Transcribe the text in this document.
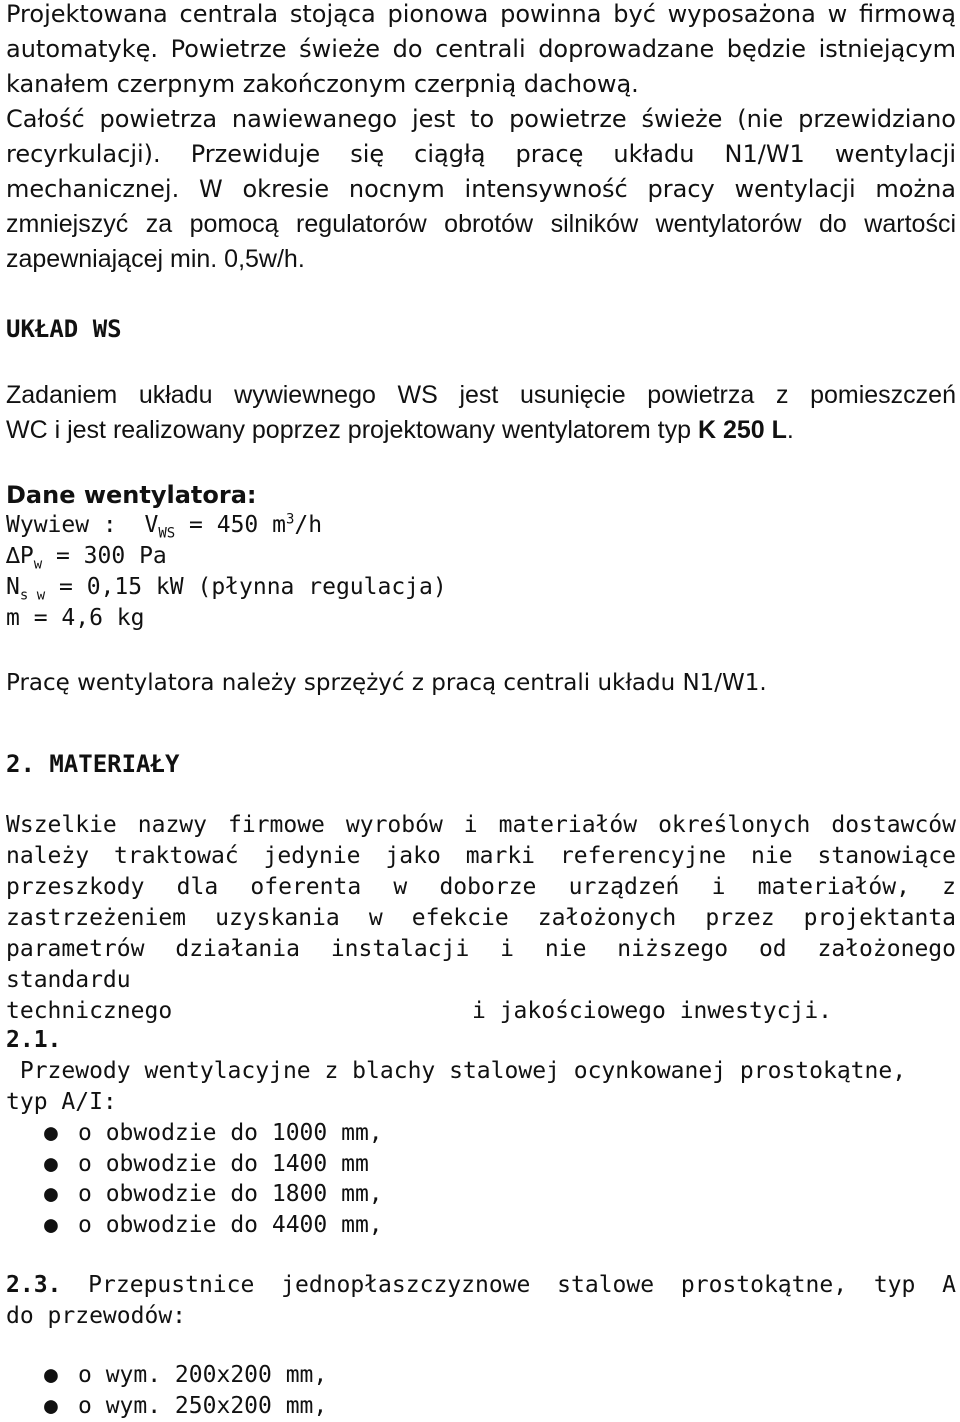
Projektowana centrala stojąca pionowa powinna być wyposażona w firmową
automatykę. Powietrze świeże do centrali doprowadzane będzie istniejącym
kanałem czerpnym zakończonym czerpnią dachową.
Całość powietrza nawiewanego jest to powietrze świeże (nie przewidziano
recyrkulacji). Przewiduje się ciągłą pracę układu N1/W1 wentylacji
mechanicznej. W okresie nocnym intensywność pracy wentylacji można
zmniejszyć za pomocą regulatorów obrotów silników wentylatorów do wartości
zapewniającej min. 0,5w/h.
UKŁAD WS
Zadaniem układu wywiewnego WS jest usunięcie powietrza z pomieszczeń
WC i jest realizowany poprzez projektowany wentylatorem typ K 250 L.
Dane wentylatora:
Wywiew :  $V_{WS} = 450$ $m^3/h$
$\Delta P_w = 300$ Pa
$N_{s w} = 0,15$ kW (płynna regulacja)
m = 4,6 kg
Pracę wentylatora należy sprzężyć z pracą centrali układu N1/W1.
2. MATERIAŁY
Wszelkie nazwy firmowe wyrobów i materiałów określonych dostawców
należy traktować jedynie jako marki referencyjne nie stanowiące
przeszkody dla oferenta w doborze urządzeń i materiałów, z
zastrzeżeniem uzyskania w efekcie założonych przez projektanta
parametrów działania instalacji i nie niższego od założonego standardu
technicznego	i jakościowego inwestycji.
2.1. Przewody wentylacyjne z blachy stalowej ocynkowanej prostokątne,
typ A/I:
● o obwodzie do 1000 mm,
● o obwodzie do 1400 mm
● o obwodzie do 1800 mm,
● o obwodzie do 4400 mm,
2.3. Przepustnice jednopłaszczyznowe stalowe prostokątne, typ A
do przewodów:
● o wym. 200x200 mm,
● o wym. 250x200 mm,
